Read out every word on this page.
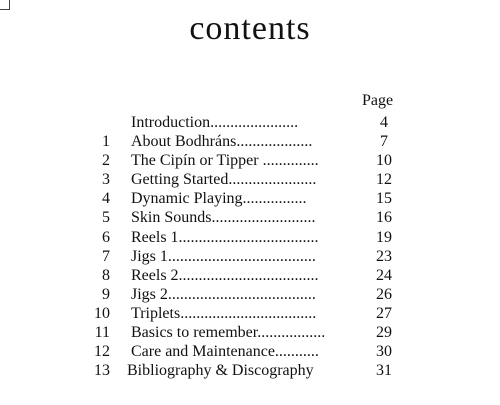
contents
Page
Introduction......................	4
1 About Bodhráns...................	7
2 The Cipín or Tipper ..............	10
3 Getting Started......................	12
4 Dynamic Playing................	15
5 Skin Sounds..........................	16
6 Reels 1...................................	19
7 Jigs 1.....................................	23
8 Reels 2...................................	24
9 Jigs 2.....................................	26
10 Triplets..................................	27
11 Basics to remember.................	29
12 Care and Maintenance...........	30
13 Bibliography & Discography	31
